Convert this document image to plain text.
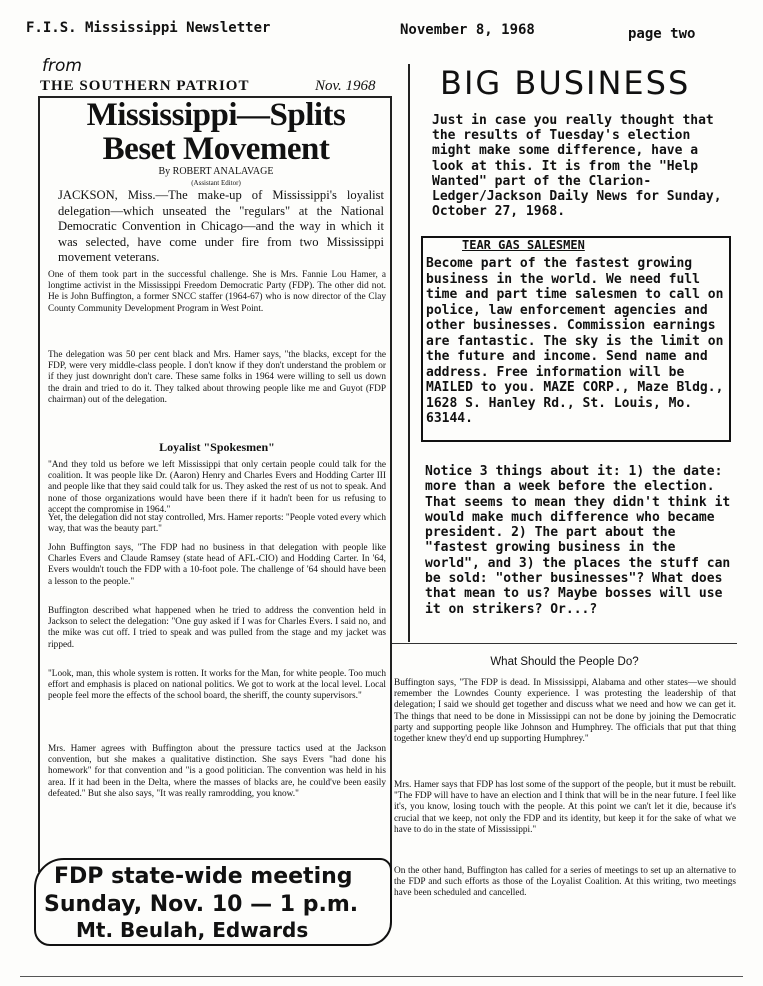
F.I.S. Mississippi Newsletter	November 8, 1968	page two
from
THE SOUTHERN PATRIOT	Nov. 1968
Mississippi—Splits
Beset Movement
By ROBERT ANALAVAGE
(Assistant Editor)
JACKSON, Miss.—The make-up of Mississippi's loyalist delegation—which unseated the "regulars" at the National Democratic Convention in Chicago—and the way in which it was selected, have come under fire from two Mississippi movement veterans.
One of them took part in the successful challenge. She is Mrs. Fannie Lou Hamer, a longtime activist in the Mississippi Freedom Democratic Party (FDP). The other did not. He is John Buffington, a former SNCC staffer (1964-67) who is now director of the Clay County Community Development Program in West Point.
The delegation was 50 per cent black and Mrs. Hamer says, "the blacks, except for the FDP, were very middle-class people. I don't know if they don't understand the problem or if they just downright don't care. These same folks in 1964 were willing to sell us down the drain and tried to do it. They talked about throwing people like me and Guyot (FDP chairman) out of the delegation.
Loyalist "Spokesmen"
"And they told us before we left Mississippi that only certain people could talk for the coalition. It was people like Dr. (Aaron) Henry and Charles Evers and Hodding Carter III and people like that they said could talk for us. They asked the rest of us not to speak. And none of those organizations would have been there if it hadn't been for us refusing to accept the compromise in 1964."
Yet, the delegation did not stay controlled, Mrs. Hamer reports: "People voted every which way, that was the beauty part."
John Buffington says, "The FDP had no business in that delegation with people like Charles Evers and Claude Ramsey (state head of AFL-CIO) and Hodding Carter. In '64, Evers wouldn't touch the FDP with a 10-foot pole. The challenge of '64 should have been a lesson to the people."
Buffington described what happened when he tried to address the convention held in Jackson to select the delegation: "One guy asked if I was for Charles Evers. I said no, and the mike was cut off. I tried to speak and was pulled from the stage and my jacket was ripped.
"Look, man, this whole system is rotten. It works for the Man, for white people. Too much effort and emphasis is placed on national politics. We got to work at the local level. Local people feel more the effects of the school board, the sheriff, the county supervisors."
Mrs. Hamer agrees with Buffington about the pressure tactics used at the Jackson convention, but she makes a qualitative distinction. She says Evers "had done his homework" for that convention and "is a good politician. The convention was held in his area. If it had been in the Delta, where the masses of blacks are, he could've been easily defeated." But she also says, "It was really ramrodding, you know."
FDP state-wide meeting
Sunday, Nov. 10 — 1 p.m.
Mt. Beulah, Edwards
BIG BUSINESS
Just in case you really thought that the results of Tuesday's election might make some difference, have a look at this. It is from the "Help Wanted" part of the Clarion-Ledger/Jackson Daily News for Sunday, October 27, 1968.
TEAR GAS SALESMEN
Become part of the fastest growing business in the world. We need full time and part time salesmen to call on police, law enforcement agencies and other businesses. Commission earnings are fantastic. The sky is the limit on the future and income. Send name and address. Free information will be MAILED to you. MAZE CORP., Maze Bldg., 1628 S. Hanley Rd., St. Louis, Mo. 63144.
Notice 3 things about it: 1) the date: more than a week before the election. That seems to mean they didn't think it would make much difference who became president. 2) The part about the "fastest growing business in the world", and 3) the places the stuff can be sold: "other businesses"? What does that mean to us? Maybe bosses will use it on strikers? Or...?
What Should the People Do?
Buffington says, "The FDP is dead. In Mississippi, Alabama and other states—we should remember the Lowndes County experience. I was protesting the leadership of that delegation; I said we should get together and discuss what we need and how we can get it. The things that need to be done in Mississippi can not be done by joining the Democratic party and supporting people like Johnson and Humphrey. The officials that put that thing together knew they'd end up supporting Humphrey."
Mrs. Hamer says that FDP has lost some of the support of the people, but it must be rebuilt. "The FDP will have to have an election and I think that will be in the near future. I feel like it's, you know, losing touch with the people. At this point we can't let it die, because it's crucial that we keep, not only the FDP and its identity, but keep it for the sake of what we have to do in the state of Mississippi."
On the other hand, Buffington has called for a series of meetings to set up an alternative to the FDP and such efforts as those of the Loyalist Coalition. At this writing, two meetings have been scheduled and cancelled.
